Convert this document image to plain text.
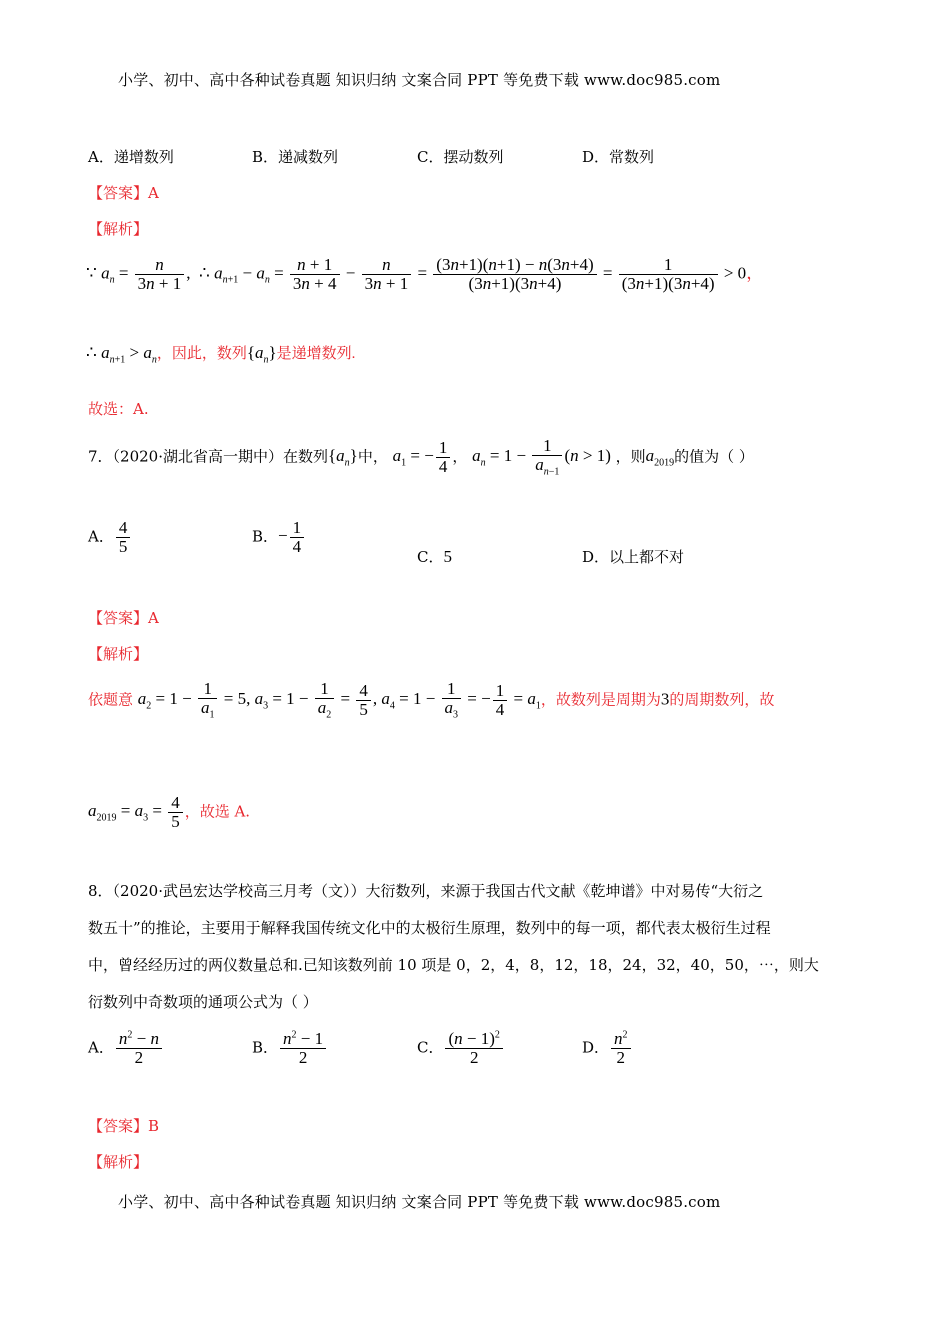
小学、初中、高中各种试卷真题 知识归纳 文案合同 PPT 等免费下载 www.doc985.com
A．递增数列	B．递减数列	C．摆动数列	D．常数列
【答案】A
【解析】
∵ $a_n = \frac{n}{3n + 1}$ ,  ∴ $a_{n+1} - a_n = \frac{n + 1}{3n + 4} - \frac{n}{3n + 1} = \frac{(3n+1)(n+1) - n(3n+4)}{(3n+1)(3n+4)} = \frac{1}{(3n+1)(3n+4)} > 0$，
∴ $a_{n+1} > a_n$，因此，数列$\{a_n\}$是递增数列.
故选：A.
7．（2020·湖北省高一期中）在数列$\{a_n\}$中， $a_1$ = − $\frac{1}{4}$ ， $a_n = 1 - \frac{1}{a_{n-1}} (n > 1)$ ，则$a_{2019}$的值为（ ）
A． $\frac{4}{5}$	B．− $\frac{1}{4}$
C．5	D．以上都不对
【答案】A
【解析】
依题意 $a_2 = 1 - \frac{1}{a_1} = 5$, $a_3 = 1 - \frac{1}{a_2} = \frac{4}{5}$ , $a_4 = 1 - \frac{1}{a_3}$ = − $\frac{1}{4} = a_1$，故数列是周期为3的周期数列，故
$a_{2019} = a_3 = \frac{4}{5}$ ，故选 A.
8．（2020·武邑宏达学校高三月考（文））大衍数列，来源于我国古代文献《乾坤谱》中对易传“大衍之
数五十”的推论，主要用于解释我国传统文化中的太极衍生原理，数列中的每一项，都代表太极衍生过程
中，曾经经历过的两仪数量总和.已知该数列前 10 项是 0，2，4，8，12，18，24，32，40，50，⋯，则大
衍数列中奇数项的通项公式为（ ）
A． $\frac{n^2 - n}{2}$	B． $\frac{n^2 - 1}{2}$	C． $\frac{(n - 1)^2}{2}$	D． $\frac{n^2}{2}$
【答案】B
【解析】
小学、初中、高中各种试卷真题 知识归纳 文案合同 PPT 等免费下载 www.doc985.com
